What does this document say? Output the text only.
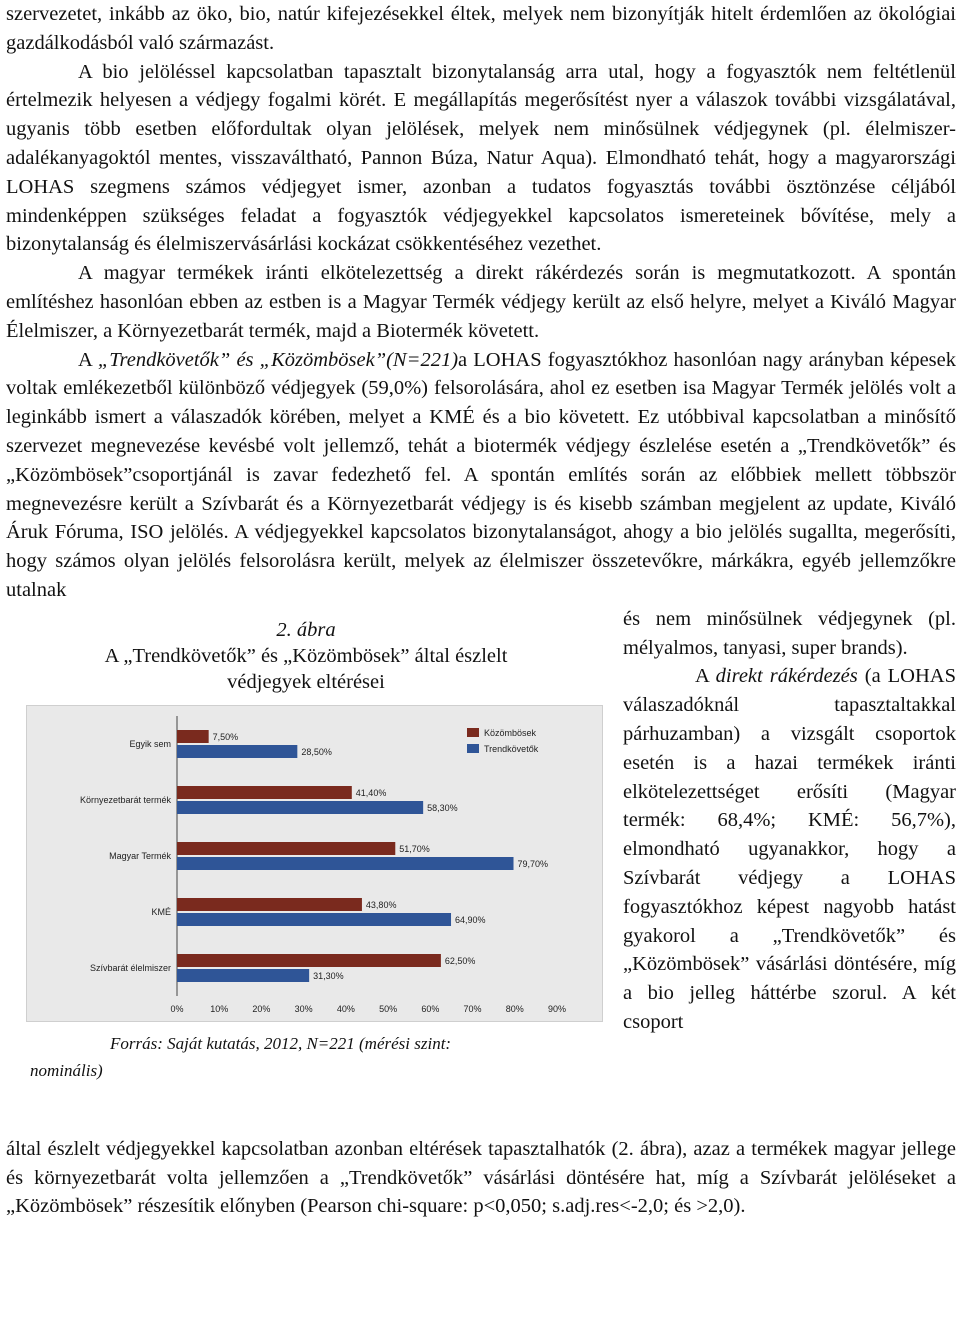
szervezetet, inkább az öko, bio, natúr kifejezésekkel éltek, melyek nem bizonyítják hitelt érdemlően az ökológiai gazdálkodásból való származást.

A bio jelöléssel kapcsolatban tapasztalt bizonytalanság arra utal, hogy a fogyasztók nem feltétlenül értelmezik helyesen a védjegy fogalmi körét. E megállapítás megerősítést nyer a válaszok további vizsgálatával, ugyanis több esetben előfordultak olyan jelölések, melyek nem minősülnek védjegynek (pl. élelmiszer-adalékanyagoktól mentes, visszaváltható, Pannon Búza, Natur Aqua). Elmondható tehát, hogy a magyarországi LOHAS szegmens számos védjegyet ismer, azonban a tudatos fogyasztás további ösztönzése céljából mindenképpen szükséges feladat a fogyasztók védjegyekkel kapcsolatos ismereteinek bővítése, mely a bizonytalanság és élelmiszervásárlási kockázat csökkentéséhez vezethet.

A magyar termékek iránti elkötelezettség a direkt rákérdezés során is megmutatkozott. A spontán említéshez hasonlóan ebben az estben is a Magyar Termék védjegy került az első helyre, melyet a Kiváló Magyar Élelmiszer, a Környezetbarát termék, majd a Biotermék követett.

A „Trendkövetők” és „Közömbösek”(N=221)a LOHAS fogyasztókhoz hasonlóan nagy arányban képesek voltak emlékezetből különböző védjegyek (59,0%) felsorolására, ahol ez esetben isa Magyar Termék jelölés volt a leginkább ismert a válaszadók körében, melyet a KMÉ és a bio követett. Ez utóbbival kapcsolatban a minősítő szervezet megnevezése kevésbé volt jellemző, tehát a biotermék védjegy észlelése esetén a „Trendkövetők” és „Közömbösek”csoportjánál is zavar fedezhető fel. A spontán említés során az előbbiek mellett többször megnevezésre került a Szívbarát és a Környezetbarát védjegy is és kisebb számban megjelent az update, Kiváló Áruk Fóruma, ISO jelölés. A védjegyekkel kapcsolatos bizonytalanságot, ahogy a bio jelölés sugallta, megerősíti, hogy számos olyan jelölés felsorolásra került, melyek az élelmiszer összetevőkre, márkákra, egyéb jellemzőkre utalnak

2. ábra
A „Trendkövetők” és „Közömbösek” által észlelt
védjegyek eltérései
0%	10%	20%	30%	40%	50%	60%	70%	80%	90%
Egyik sem
7,50%
28,50%
Környezetbarát termék
41,40%
58,30%
Magyar Termék
51,70%
79,70%
KMÉ
43,80%
64,90%
Szívbarát élelmiszer
62,50%
31,30%
Közömbösek
Trendkövetők
Forrás: Saját kutatás, 2012, N=221 (mérési szint:
nominális)

és nem minősülnek védjegynek (pl. mélyalmos, tanyasi, super brands).

A direkt rákérdezés (a LOHAS válaszadóknál tapasztaltakkal párhuzamban) a vizsgált csoportok esetén is a hazai termékek iránti elkötelezettséget erősíti (Magyar termék: 68,4%; KMÉ: 56,7%), elmondható ugyanakkor, hogy a Szívbarát védjegy a LOHAS fogyasztókhoz képest nagyobb hatást gyakorol a „Trendkövetők” és „Közömbösek” vásárlási döntésére, míg a bio jelleg háttérbe szorul. A két csoport

által észlelt védjegyekkel kapcsolatban azonban eltérések tapasztalhatók (2. ábra), azaz a termékek magyar jellege és környezetbarát volta jellemzően a „Trendkövetők” vásárlási döntésére hat, míg a Szívbarát jelöléseket a „Közömbösek” részesítik előnyben (Pearson chi-square: p<0,050; s.adj.res<-2,0; és >2,0).
